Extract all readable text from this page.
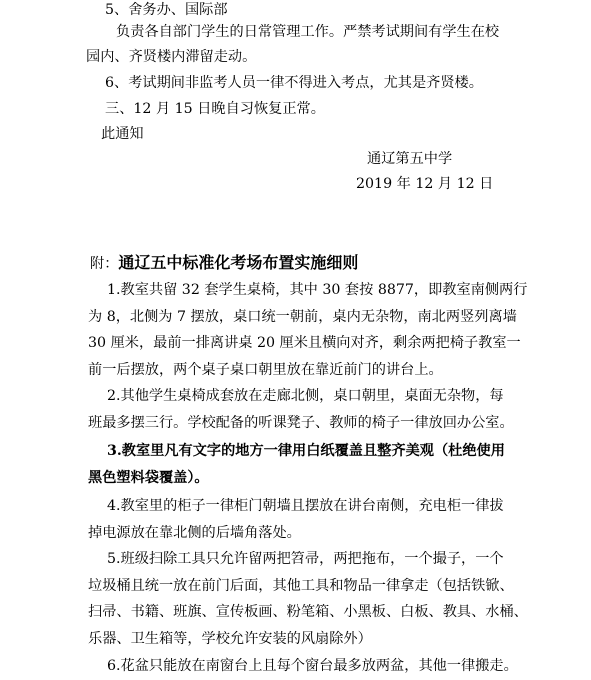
5、舍务办、国际部
负责各自部门学生的日常管理工作。严禁考试期间有学生在校
园内、齐贤楼内滞留走动。
6、考试期间非监考人员一律不得进入考点，尤其是齐贤楼。
三、12 月 15 日晚自习恢复正常。
此通知
通辽第五中学
2019 年 12 月 12 日
附：通辽五中标准化考场布置实施细则
1.教室共留 32 套学生桌椅，其中 30 套按 8877，即教室南侧两行
为 8，北侧为 7 摆放，桌口统一朝前，桌内无杂物，南北两竖列离墙
30 厘米，最前一排离讲桌 20 厘米且横向对齐，剩余两把椅子教室一
前一后摆放，两个桌子桌口朝里放在靠近前门的讲台上。
2.其他学生桌椅成套放在走廊北侧，桌口朝里，桌面无杂物，每
班最多摆三行。学校配备的听课凳子、教师的椅子一律放回办公室。
3.教室里凡有文字的地方一律用白纸覆盖且整齐美观（杜绝使用
黑色塑料袋覆盖）。
4.教室里的柜子一律柜门朝墙且摆放在讲台南侧，充电柜一律拔
掉电源放在靠北侧的后墙角落处。
5.班级扫除工具只允许留两把笤帚，两把拖布，一个撮子，一个
垃圾桶且统一放在前门后面，其他工具和物品一律拿走（包括铁锨、
扫帚、书籍、班旗、宣传板画、粉笔箱、小黑板、白板、教具、水桶、
乐器、卫生箱等，学校允许安装的风扇除外）
6.花盆只能放在南窗台上且每个窗台最多放两盆，其他一律搬走。
